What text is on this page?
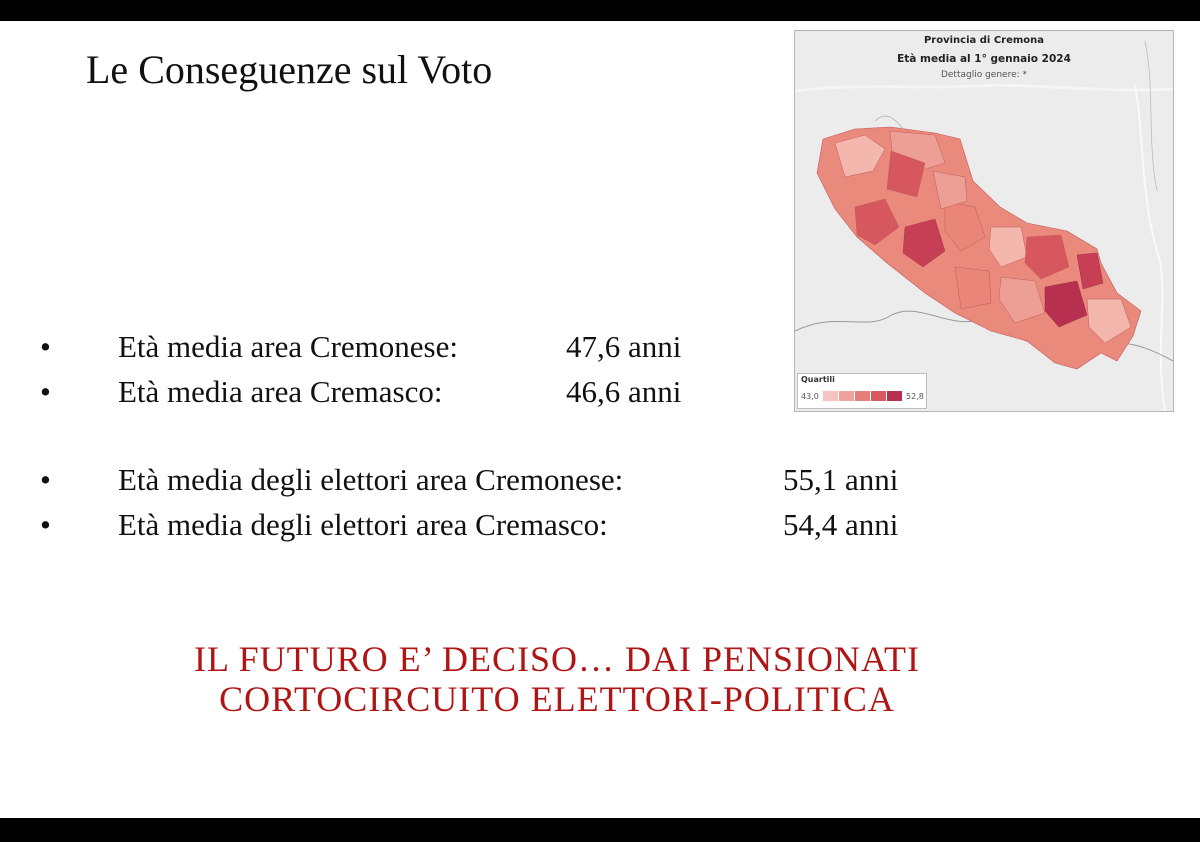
Le Conseguenze sul Voto
• Età media area Cremonese:	47,6 anni
• Età media area Cremasco:	46,6 anni
• Età media degli elettori area Cremonese:	55,1 anni
• Età media degli elettori area Cremasco:	54,4 anni
IL FUTURO E’ DECISO… DAI PENSIONATI
CORTOCIRCUITO ELETTORI-POLITICA
Provincia di Cremona
Età media al 1° gennaio 2024
Dettaglio genere: *
Quartili
43,0	52,8
